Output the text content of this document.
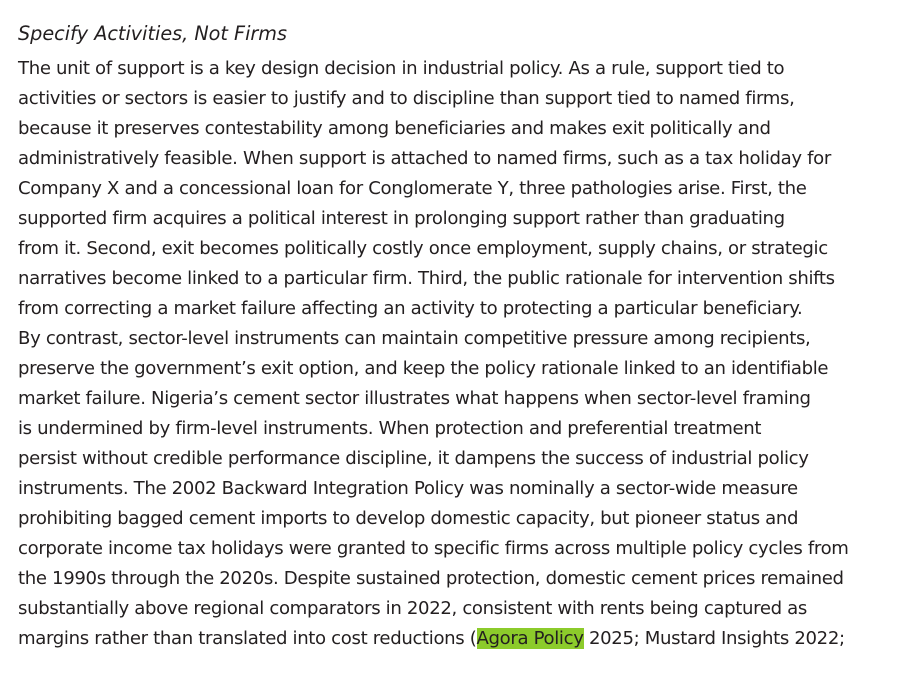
Specify Activities, Not Firms
The unit of support is a key design decision in industrial policy. As a rule, support tied to
activities or sectors is easier to justify and to discipline than support tied to named firms,
because it preserves contestability among beneficiaries and makes exit politically and
administratively feasible. When support is attached to named firms, such as a tax holiday for
Company X and a concessional loan for Conglomerate Y, three pathologies arise. First, the
supported firm acquires a political interest in prolonging support rather than graduating
from it. Second, exit becomes politically costly once employment, supply chains, or strategic
narratives become linked to a particular firm. Third, the public rationale for intervention shifts
from correcting a market failure affecting an activity to protecting a particular beneficiary.
By contrast, sector-level instruments can maintain competitive pressure among recipients,
preserve the government’s exit option, and keep the policy rationale linked to an identifiable
market failure. Nigeria’s cement sector illustrates what happens when sector-level framing
is undermined by firm-level instruments. When protection and preferential treatment
persist without credible performance discipline, it dampens the success of industrial policy
instruments. The 2002 Backward Integration Policy was nominally a sector-wide measure
prohibiting bagged cement imports to develop domestic capacity, but pioneer status and
corporate income tax holidays were granted to specific firms across multiple policy cycles from
the 1990s through the 2020s. Despite sustained protection, domestic cement prices remained
substantially above regional comparators in 2022, consistent with rents being captured as
margins rather than translated into cost reductions (Agora Policy 2025; Mustard Insights 2022;
